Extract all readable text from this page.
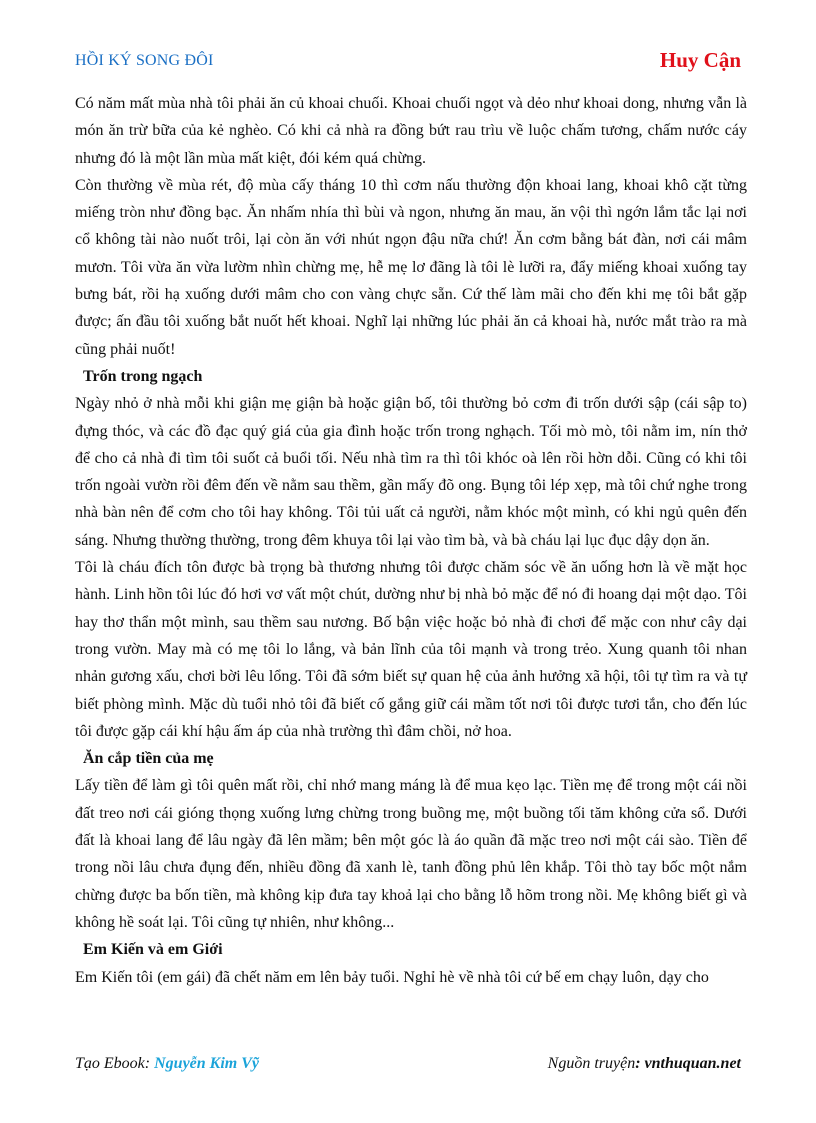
HỒI KÝ SONG ĐÔI	Huy Cận

Có năm mất mùa nhà tôi phải ăn củ khoai chuối. Khoai chuối ngọt và dẻo như khoai dong, nhưng vẫn là món ăn trừ bữa của kẻ nghèo. Có khi cả nhà ra đồng bứt rau trìu về luộc chấm tương, chấm nước cáy nhưng đó là một lần mùa mất kiệt, đói kém quá chừng.

Còn thường về mùa rét, độ mùa cấy tháng 10 thì cơm nấu thường độn khoai lang, khoai khô cặt từng miếng tròn như đồng bạc. Ăn nhấm nhía thì bùi và ngon, nhưng ăn mau, ăn vội thì ngớn lắm tắc lại nơi cổ không tài nào nuốt trôi, lại còn ăn với nhút ngọn đậu nữa chứ! Ăn cơm bằng bát đàn, nơi cái mâm mươn. Tôi vừa ăn vừa lườm nhìn chừng mẹ, hễ mẹ lơ đãng là tôi lè lưỡi ra, đẩy miếng khoai xuống tay bưng bát, rồi hạ xuống dưới mâm cho con vàng chực sẵn. Cứ thế làm mãi cho đến khi mẹ tôi bắt gặp được; ấn đầu tôi xuống bắt nuốt hết khoai. Nghĩ lại những lúc phải ăn cả khoai hà, nước mắt trào ra mà cũng phải nuốt!

Trốn trong ngạch

Ngày nhỏ ở nhà mỗi khi giận mẹ giận bà hoặc giận bố, tôi thường bỏ cơm đi trốn dưới sập (cái sập to) đựng thóc, và các đồ đạc quý giá của gia đình hoặc trốn trong nghạch. Tối mò mò, tôi nằm im, nín thở để cho cả nhà đi tìm tôi suốt cả buổi tối. Nếu nhà tìm ra thì tôi khóc oà lên rồi hờn dỗi. Cũng có khi tôi trốn ngoài vườn rồi đêm đến về nằm sau thềm, gần mấy đõ ong. Bụng tôi lép xẹp, mà tôi chứ nghe trong nhà bàn nên để cơm cho tôi hay không. Tôi tủi uất cả người, nằm khóc một mình, có khi ngủ quên đến sáng. Nhưng thường thường, trong đêm khuya tôi lại vào tìm bà, và bà cháu lại lục đục dậy dọn ăn.

Tôi là cháu đích tôn được bà trọng bà thương nhưng tôi được chăm sóc về ăn uống hơn là về mặt học hành. Linh hồn tôi lúc đó hơi vơ vất một chút, dường như bị nhà bỏ mặc để nó đi hoang dại một dạo. Tôi hay thơ thẩn một mình, sau thềm sau nương. Bố bận việc hoặc bỏ nhà đi chơi để mặc con như cây dại trong vườn. May mà có mẹ tôi lo lắng, và bản lĩnh của tôi mạnh và trong trẻo. Xung quanh tôi nhan nhản gương xấu, chơi bời lêu lổng. Tôi đã sớm biết sự quan hệ của ảnh hưởng xã hội, tôi tự tìm ra và tự biết phòng mình. Mặc dù tuổi nhỏ tôi đã biết cố gắng giữ cái mầm tốt nơi tôi được tươi tắn, cho đến lúc tôi được gặp cái khí hậu ấm áp của nhà trường thì đâm chồi, nở hoa.

Ăn cắp tiền của mẹ

Lấy tiền để làm gì tôi quên mất rồi, chỉ nhớ mang máng là để mua kẹo lạc. Tiền mẹ để trong một cái nồi đất treo nơi cái gióng thọng xuống lưng chừng trong buồng mẹ, một buồng tối tăm không cửa sổ. Dưới đất là khoai lang để lâu ngày đã lên mầm; bên một góc là áo quần đã mặc treo nơi một cái sào. Tiền để trong nồi lâu chưa đụng đến, nhiều đồng đã xanh lè, tanh đồng phủ lên khắp. Tôi thò tay bốc một nắm chừng được ba bốn tiền, mà không kịp đưa tay khoả lại cho bằng lỗ hõm trong nồi. Mẹ không biết gì và không hề soát lại. Tôi cũng tự nhiên, như không...

Em Kiến và em Giới

Em Kiến tôi (em gái) đã chết năm em lên bảy tuổi. Nghỉ hè về nhà tôi cứ bế em chạy luôn, dạy cho

Tạo Ebook: Nguyễn Kim Vỹ	Nguồn truyện: vnthuquan.net
